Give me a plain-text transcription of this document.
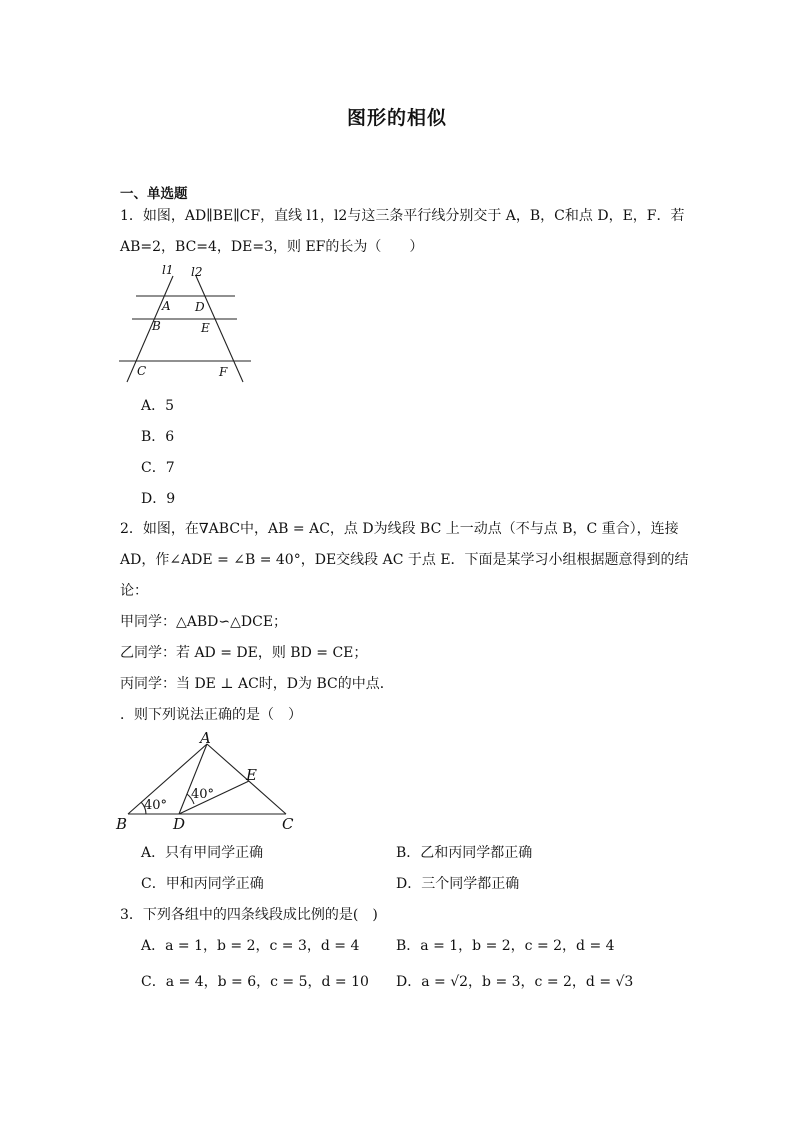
图形的相似
一、单选题
1．如图，AD∥BE∥CF，直线 l1，l2与这三条平行线分别交于 A，B，C和点 D，E，F．若
AB=2，BC=4，DE=3，则 EF的长为（　　）
l1 l2
A D
B	E
C	F
A．5
B．6
C．7
D．9
2．如图，在∇ABC中，AB = AC，点 D为线段 BC 上一动点（不与点 B，C 重合），连接
AD，作∠ADE = ∠B = 40°，DE交线段 AC 于点 E．下面是某学习小组根据题意得到的结
论：
甲同学：△ABD∽△DCE；
乙同学：若 AD = DE，则 BD = CE；
丙同学：当 DE ⊥ AC时，D为 BC的中点．
．则下列说法正确的是（　）
A
B	D	C
E
40°
40°
A．只有甲同学正确	B．乙和丙同学都正确
C．甲和丙同学正确	D．三个同学都正确
3．下列各组中的四条线段成比例的是(　)
A．a = 1，b = 2，c = 3，d = 4	B．a = 1，b = 2，c = 2，d = 4
C．a = 4，b = 6，c = 5，d = 10 D．a = √2，b = 3，c = 2，d = √3
